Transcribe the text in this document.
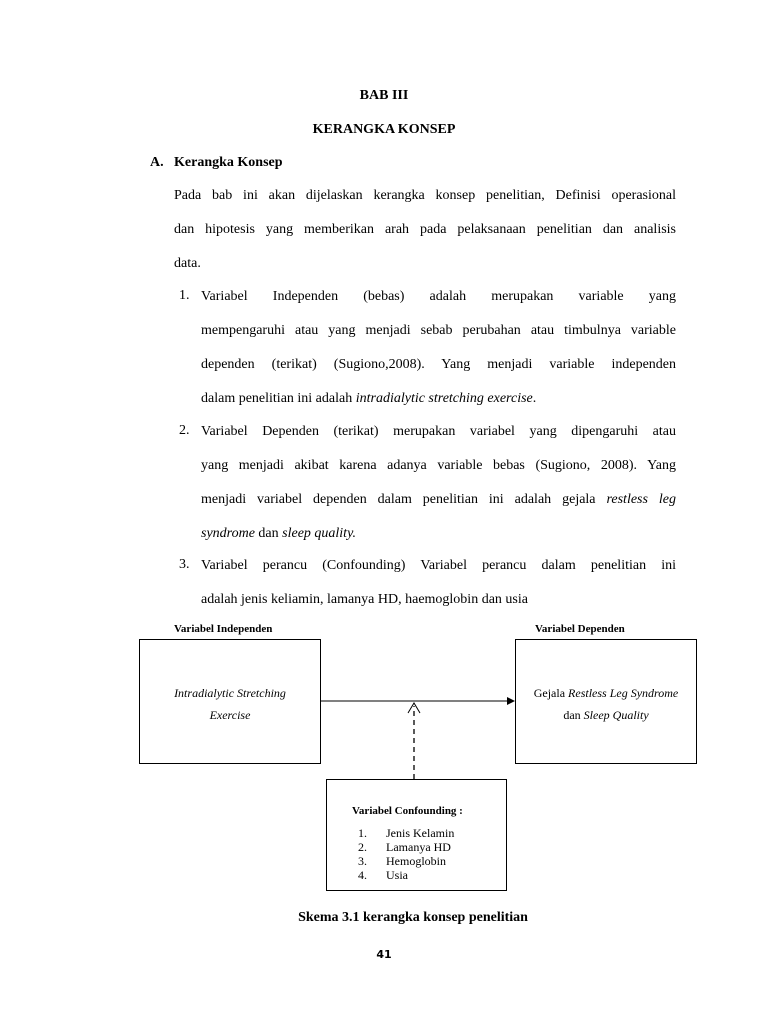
BAB III
KERANGKA KONSEP
A. Kerangka Konsep
Pada bab ini akan dijelaskan kerangka konsep penelitian, Definisi operasional
dan hipotesis yang memberikan arah pada pelaksanaan penelitian dan analisis
data.
1. Variabel   Independen   (bebas)   adalah   merupakan   variable   yang
mempengaruhi atau yang menjadi sebab perubahan atau timbulnya variable
dependen (terikat) (Sugiono,2008). Yang menjadi variable independen
dalam penelitian ini adalah intradialytic stretching exercise.
2. Variabel Dependen (terikat) merupakan variabel yang dipengaruhi atau
yang menjadi akibat karena adanya variable bebas (Sugiono, 2008). Yang
menjadi variabel dependen dalam penelitian ini adalah gejala restless leg
syndrome dan sleep quality.
3. Variabel perancu (Confounding) Variabel perancu dalam penelitian ini
adalah jenis keliamin, lamanya HD, haemoglobin dan usia
Variabel Independen	Variabel Dependen
Intradialytic Stretching
Exercise
Gejala Restless Leg Syndrome
dan Sleep Quality
Variabel Confounding :
1.	Jenis Kelamin
2.	Lamanya HD
3.	Hemoglobin
4.	Usia
Skema 3.1 kerangka konsep penelitian
41
